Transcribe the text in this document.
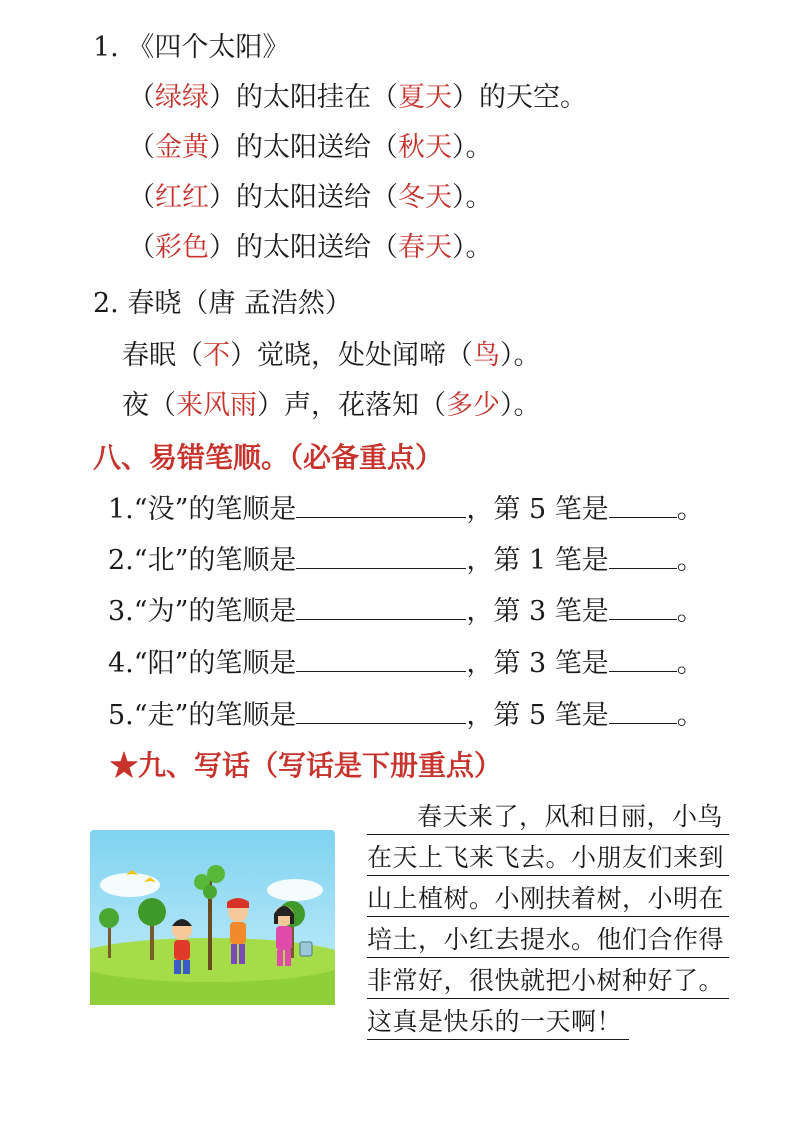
1. 《四个太阳》
（绿绿）的太阳挂在（夏天）的天空。
（金黄）的太阳送给（秋天）。
（红红）的太阳送给（冬天）。
（彩色）的太阳送给（春天）。
2. 春晓（唐 孟浩然）
春眠（不）觉晓，处处闻啼（鸟）。
夜（来风雨）声，花落知（多少）。
八、易错笔顺。（必备重点）
1.“没”的笔顺是	，第 5 笔是	。
2.“北”的笔顺是	，第 1 笔是	。
3.“为”的笔顺是	，第 3 笔是	。
4.“阳”的笔顺是	，第 3 笔是	。
5.“走”的笔顺是	，第 5 笔是	。
★九、写话（写话是下册重点）
春天来了，风和日丽，小鸟
在天上飞来飞去。小朋友们来到
山上植树。小刚扶着树，小明在
培土，小红去提水。他们合作得
非常好，很快就把小树种好了。
这真是快乐的一天啊！
